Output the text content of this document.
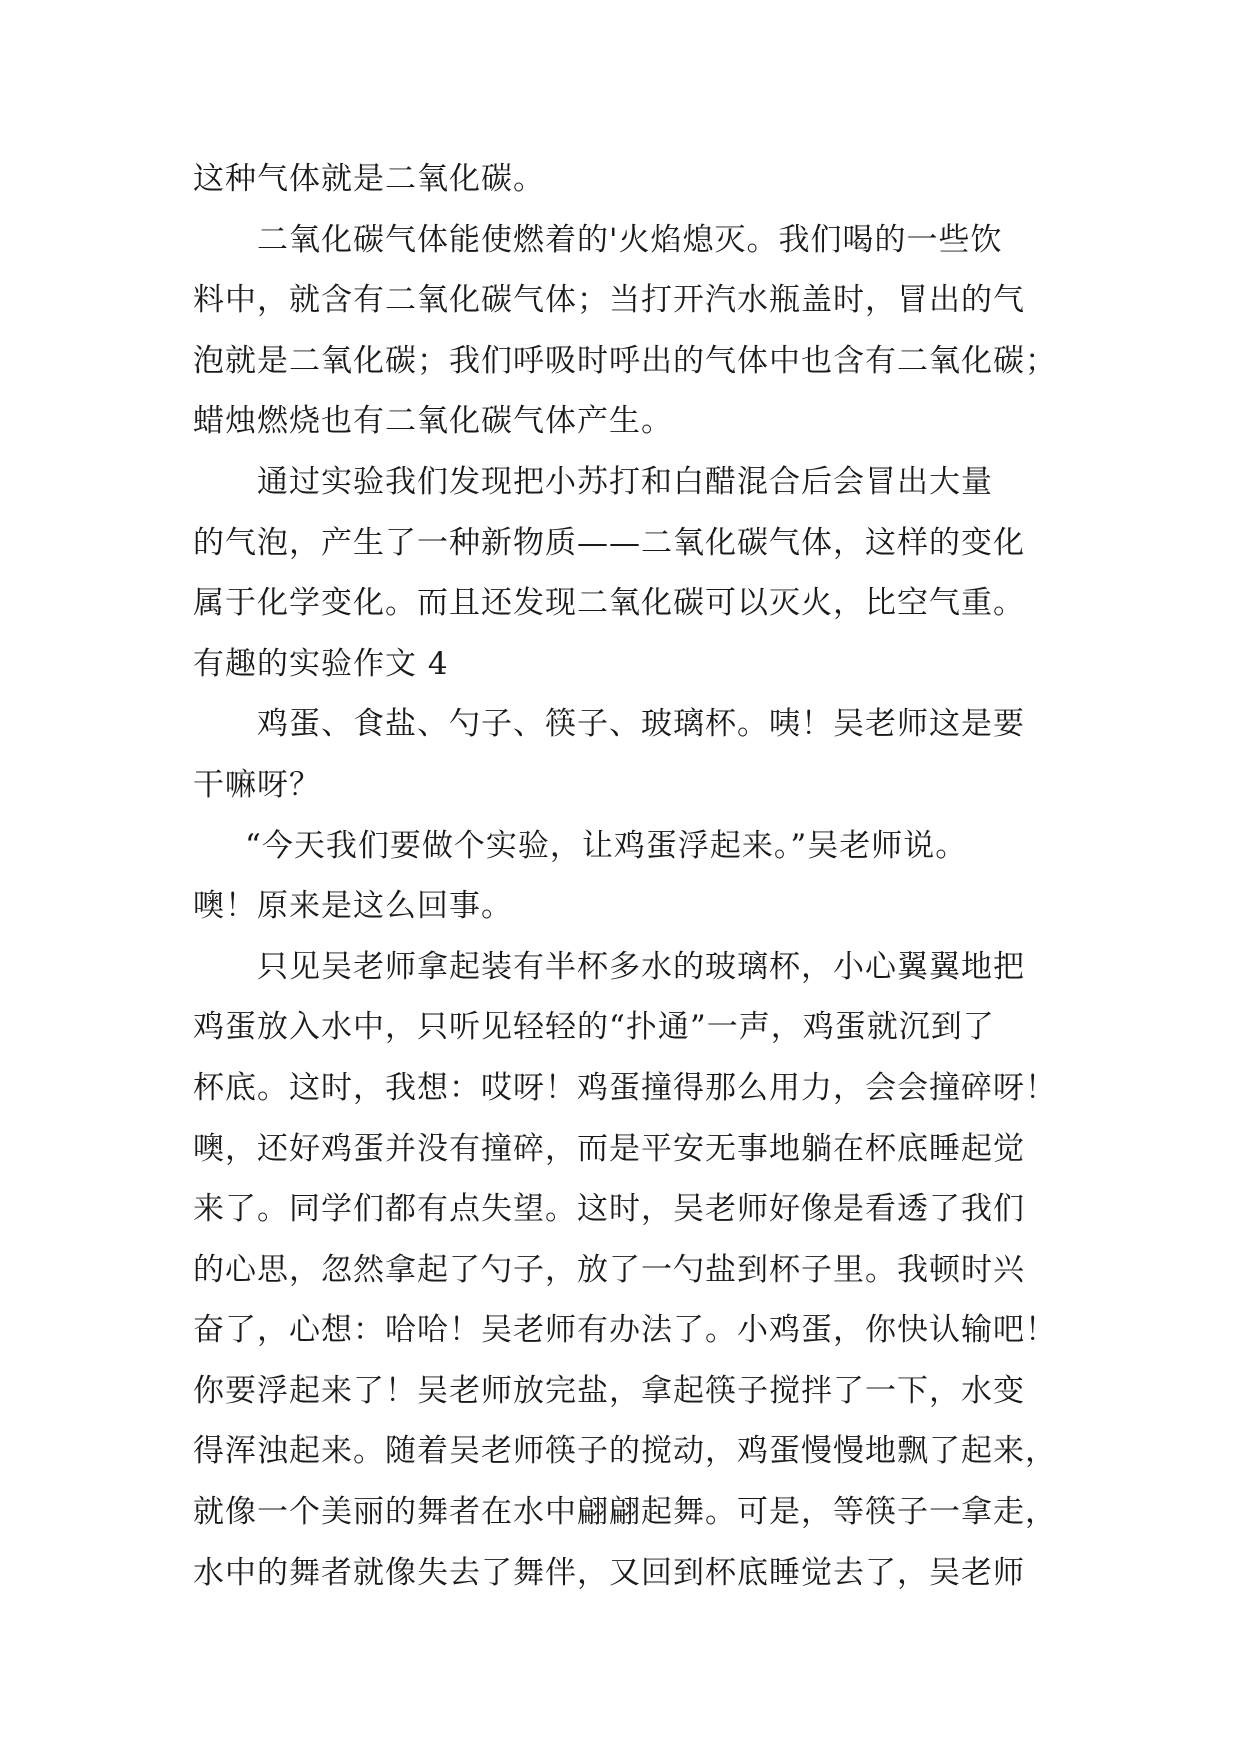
这种气体就是二氧化碳。
二氧化碳气体能使燃着的'火焰熄灭。我们喝的一些饮
料中，就含有二氧化碳气体；当打开汽水瓶盖时，冒出的气
泡就是二氧化碳；我们呼吸时呼出的气体中也含有二氧化碳；
蜡烛燃烧也有二氧化碳气体产生。
通过实验我们发现把小苏打和白醋混合后会冒出大量
的气泡，产生了一种新物质——二氧化碳气体，这样的变化
属于化学变化。而且还发现二氧化碳可以灭火，比空气重。
有趣的实验作文 4
鸡蛋、食盐、勺子、筷子、玻璃杯。咦！吴老师这是要
干嘛呀？
“今天我们要做个实验，让鸡蛋浮起来。”吴老师说。
噢！原来是这么回事。
只见吴老师拿起装有半杯多水的玻璃杯，小心翼翼地把
鸡蛋放入水中，只听见轻轻的“扑通”一声，鸡蛋就沉到了
杯底。这时，我想：哎呀！鸡蛋撞得那么用力，会会撞碎呀！
噢，还好鸡蛋并没有撞碎，而是平安无事地躺在杯底睡起觉
来了。同学们都有点失望。这时，吴老师好像是看透了我们
的心思，忽然拿起了勺子，放了一勺盐到杯子里。我顿时兴
奋了，心想：哈哈！吴老师有办法了。小鸡蛋，你快认输吧！
你要浮起来了！吴老师放完盐，拿起筷子搅拌了一下，水变
得浑浊起来。随着吴老师筷子的搅动，鸡蛋慢慢地飘了起来，
就像一个美丽的舞者在水中翩翩起舞。可是，等筷子一拿走，
水中的舞者就像失去了舞伴，又回到杯底睡觉去了，吴老师
